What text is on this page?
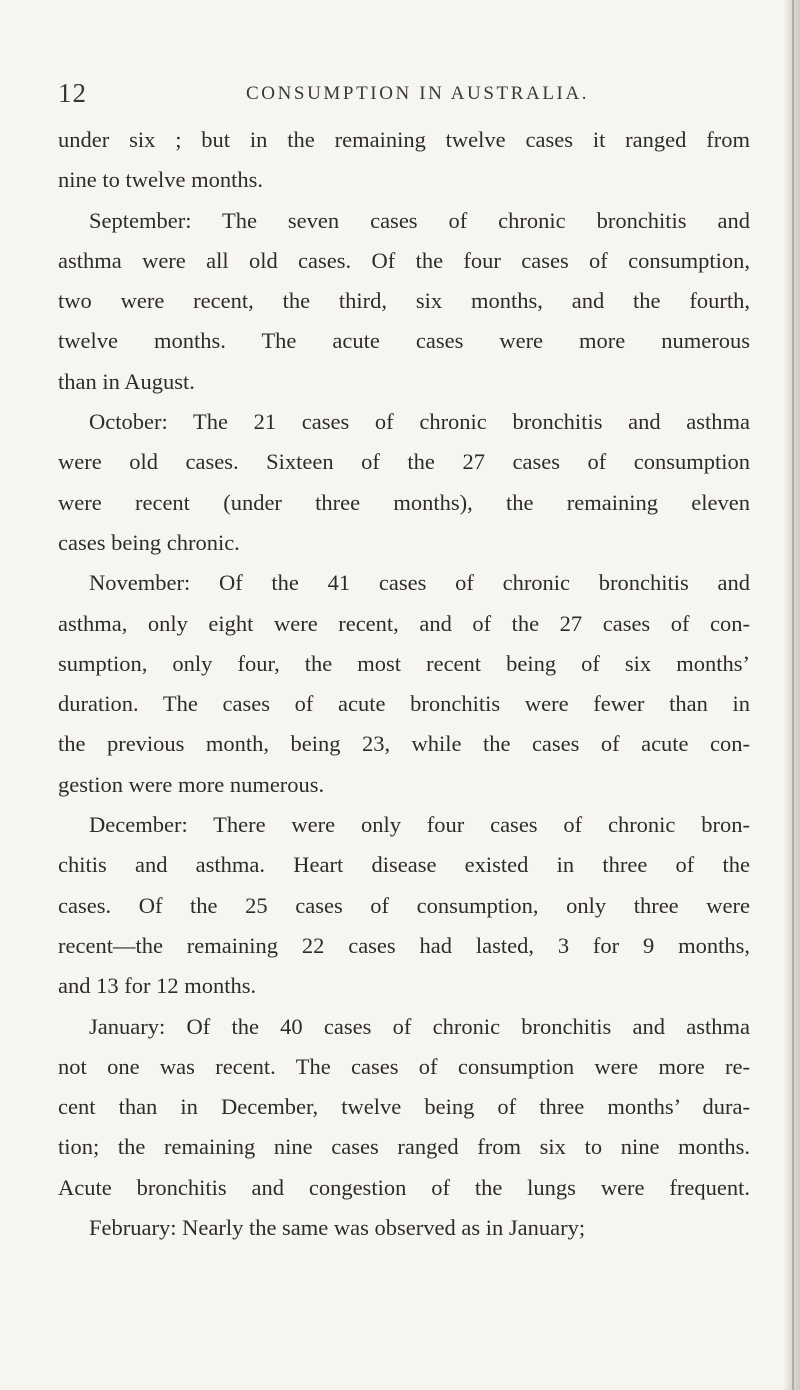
12	CONSUMPTION IN AUSTRALIA.
under six ; but in the remaining twelve cases it ranged from
nine to twelve months.
September: The seven cases of chronic bronchitis and
asthma were all old cases. Of the four cases of consumption,
two were recent, the third, six months, and the fourth,
twelve months. The acute cases were more numerous
than in August.
October: The 21 cases of chronic bronchitis and asthma
were old cases. Sixteen of the 27 cases of consumption
were recent (under three months), the remaining eleven
cases being chronic.
November: Of the 41 cases of chronic bronchitis and
asthma, only eight were recent, and of the 27 cases of con-
sumption, only four, the most recent being of six months’
duration. The cases of acute bronchitis were fewer than in
the previous month, being 23, while the cases of acute con-
gestion were more numerous.
December: There were only four cases of chronic bron-
chitis and asthma. Heart disease existed in three of the
cases. Of the 25 cases of consumption, only three were
recent—the remaining 22 cases had lasted, 3 for 9 months,
and 13 for 12 months.
January: Of the 40 cases of chronic bronchitis and asthma
not one was recent. The cases of consumption were more re-
cent than in December, twelve being of three months’ dura-
tion; the remaining nine cases ranged from six to nine months.
Acute bronchitis and congestion of the lungs were frequent.
February: Nearly the same was observed as in January;
